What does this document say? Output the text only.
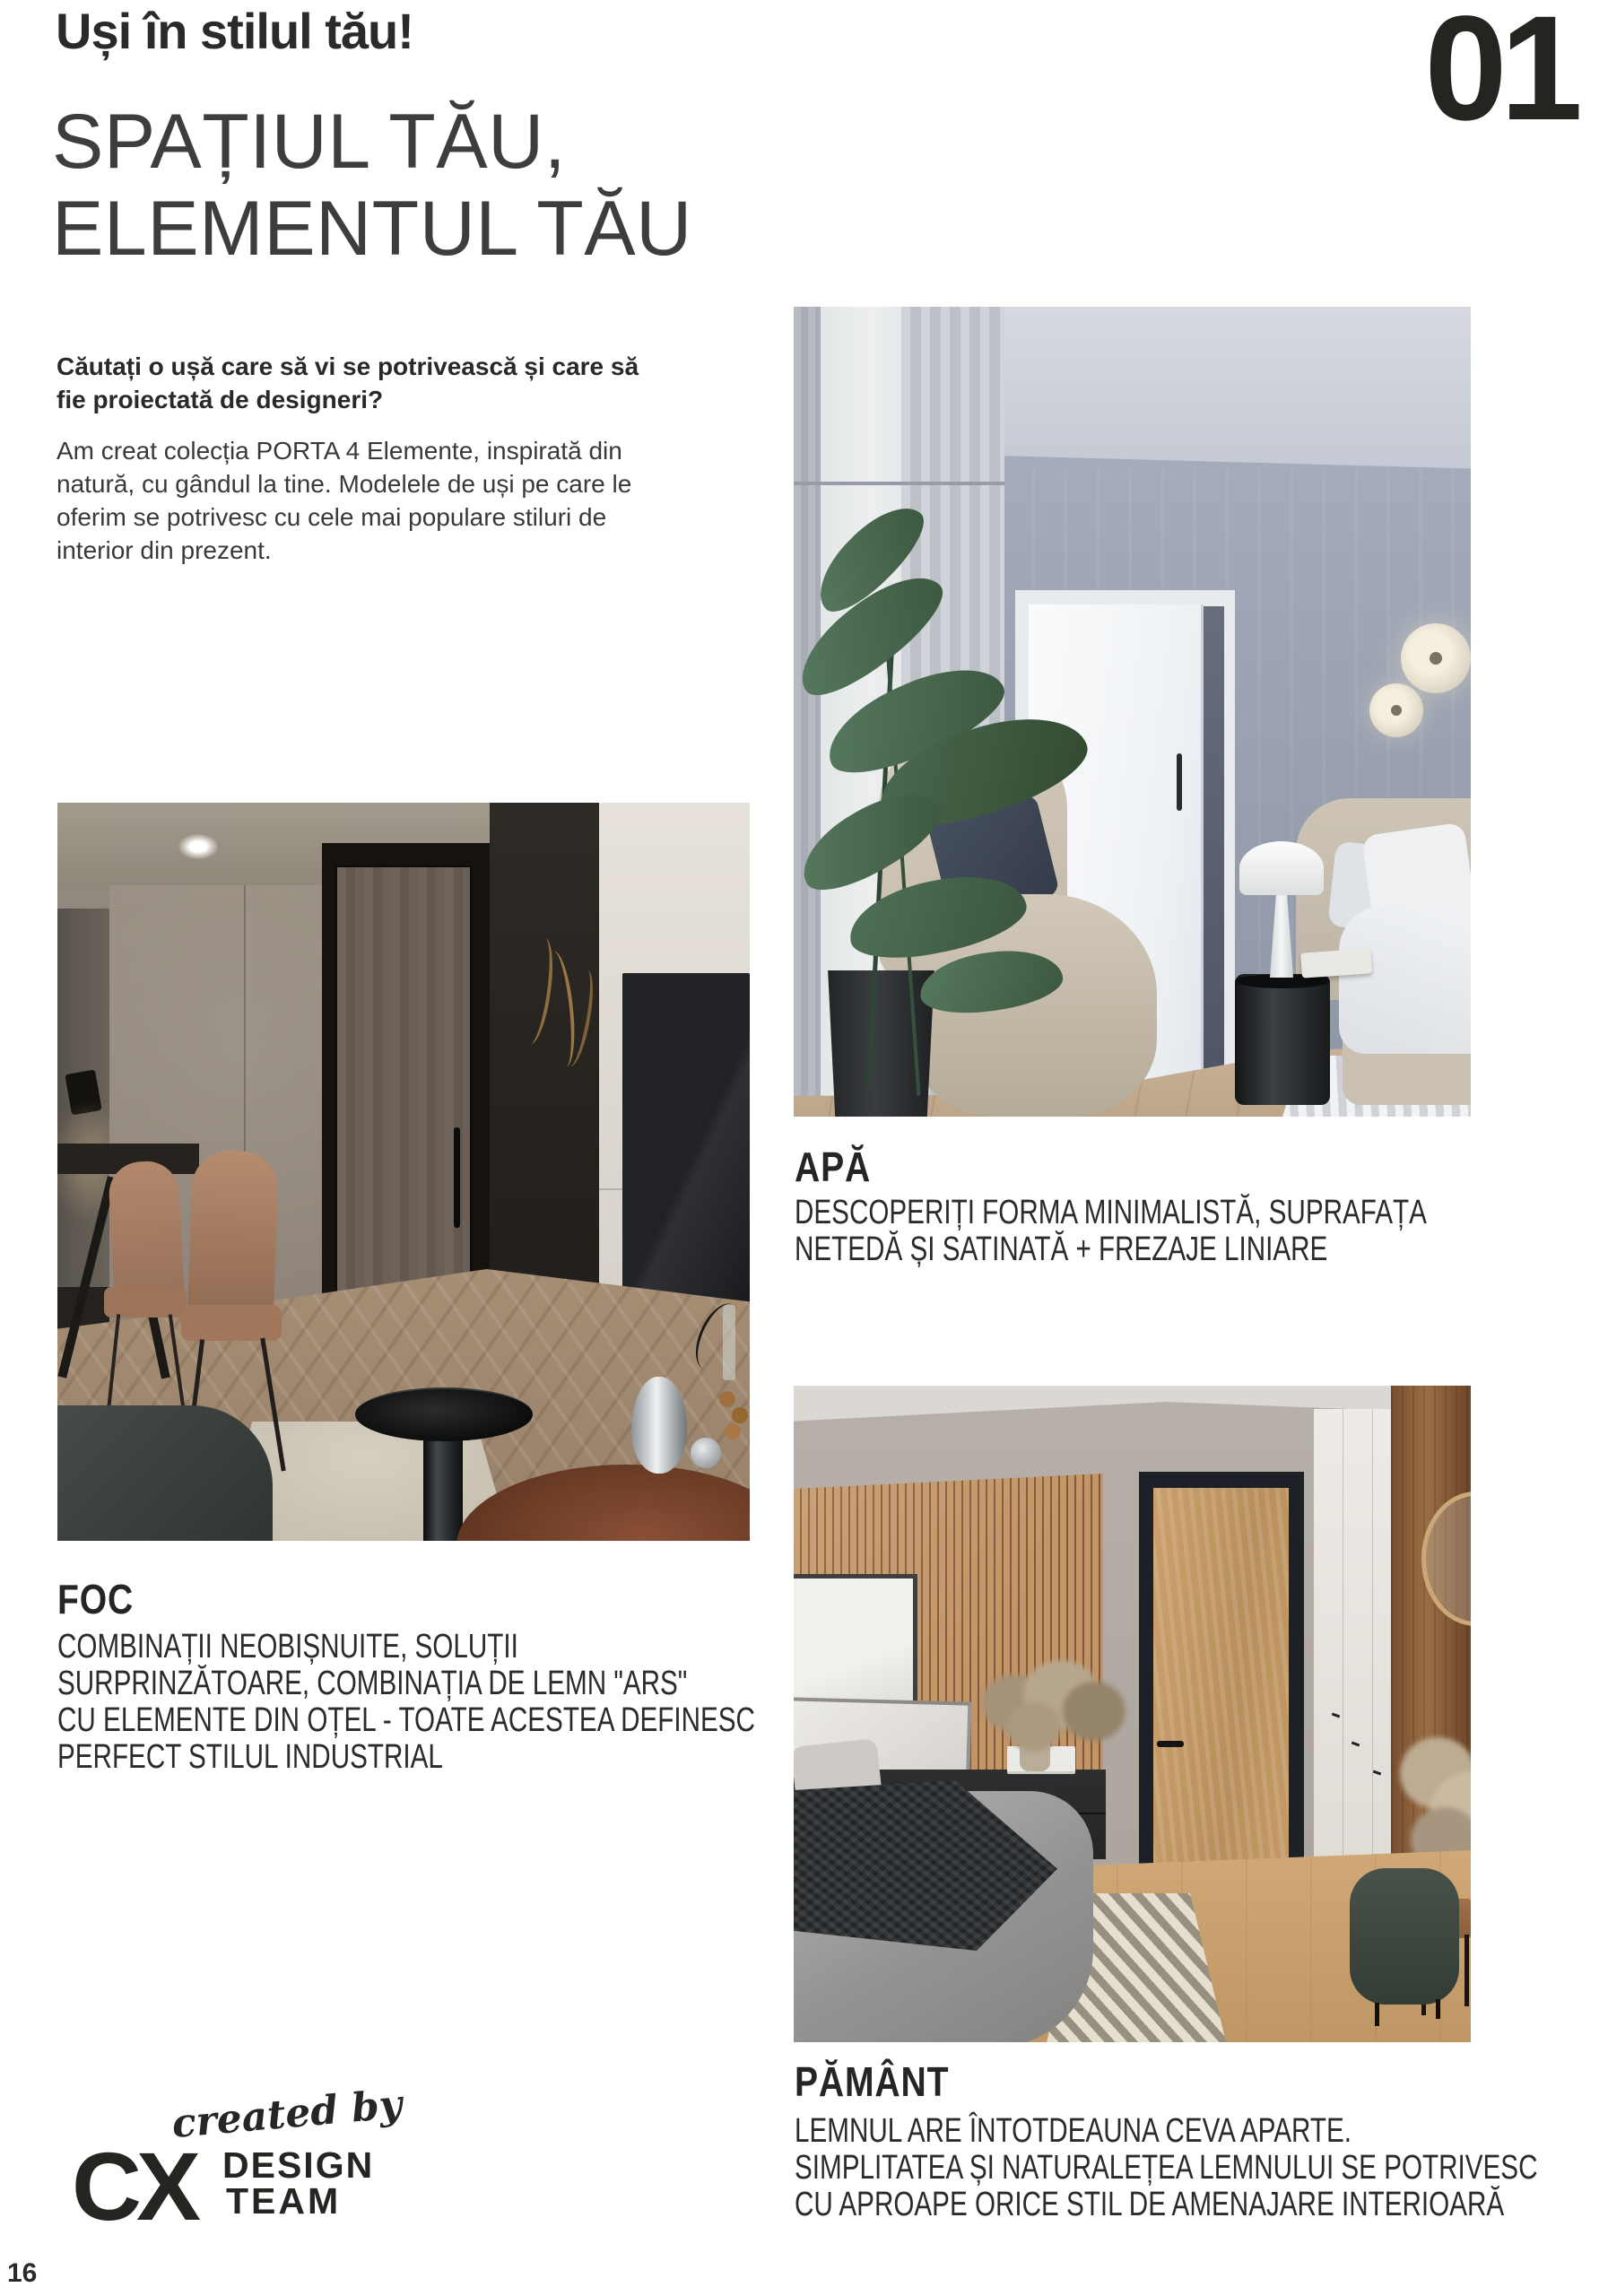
Uși în stilul tău!
SPAȚIUL TĂU,
ELEMENTUL TĂU
01
Căutați o ușă care să vi se potrivească și care să
fie proiectată de designeri?
Am creat colecția PORTA 4 Elemente, inspirată din
natură, cu gândul la tine. Modelele de uși pe care le
oferim se potrivesc cu cele mai populare stiluri de
interior din prezent.
APĂ
DESCOPERIȚI FORMA MINIMALISTĂ, SUPRAFAȚA
NETEDĂ ȘI SATINATĂ + FREZAJE LINIARE
FOC
COMBINAȚII NEOBIȘNUITE, SOLUȚII
SURPRINZĂTOARE, COMBINAȚIA DE LEMN "ARS"
CU ELEMENTE DIN OȚEL - TOATE ACESTEA DEFINESC
PERFECT STILUL INDUSTRIAL
PĂMÂNT
LEMNUL ARE ÎNTOTDEAUNA CEVA APARTE.
SIMPLITATEA ȘI NATURALEȚEA LEMNULUI SE POTRIVESC
CU APROAPE ORICE STIL DE AMENAJARE INTERIOARĂ
created by
CX DESIGN
TEAM
16
